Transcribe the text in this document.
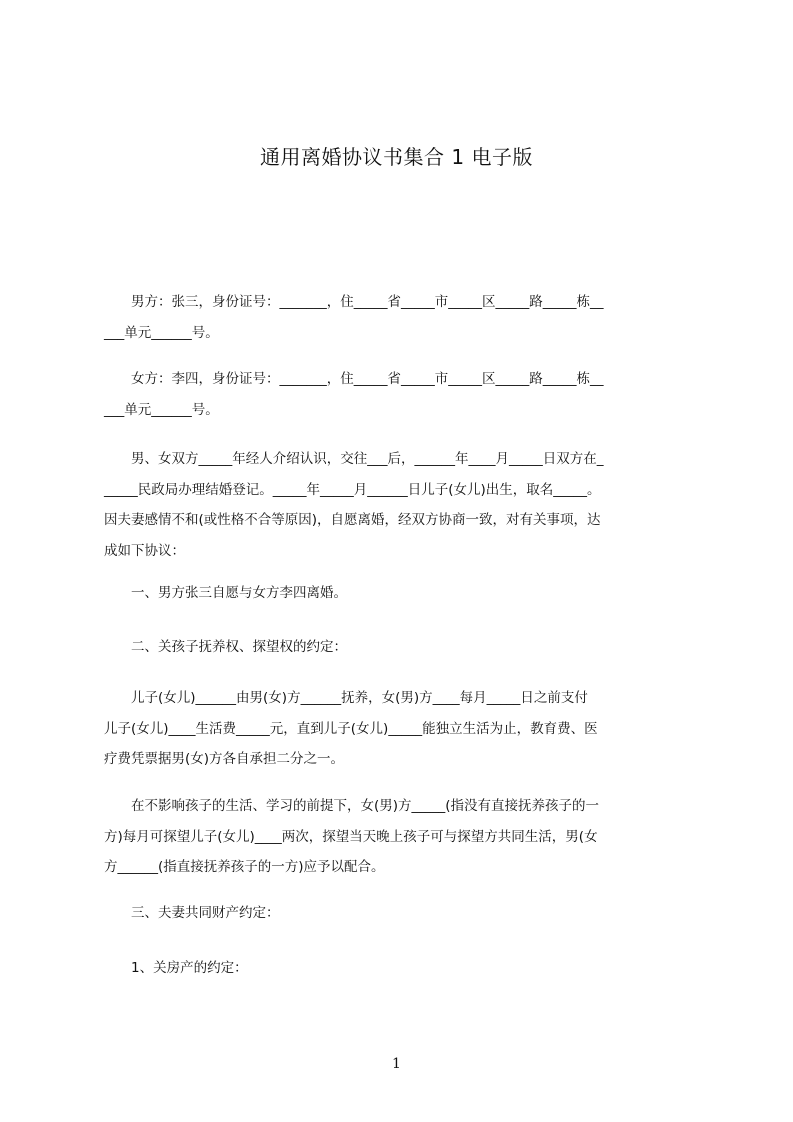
通用离婚协议书集合 1 电子版

　　男方：张三，身份证号：_______，住_____省_____市_____区_____路_____栋__
___单元______号。

　　女方：李四，身份证号：_______，住_____省_____市_____区_____路_____栋__
___单元______号。

　　男、女双方_____年经人介绍认识，交往___后，______年____月_____日双方在_
_____民政局办理结婚登记。_____年_____月______日儿子(女儿)出生，取名_____。
因夫妻感情不和(或性格不合等原因)，自愿离婚，经双方协商一致，对有关事项，达
成如下协议：

　　一、男方张三自愿与女方李四离婚。

　　二、关孩子抚养权、探望权的约定：

　　儿子(女儿)______由男(女)方______抚养，女(男)方____每月_____日之前支付
儿子(女儿)____生活费_____元，直到儿子(女儿)_____能独立生活为止，教育费、医
疗费凭票据男(女)方各自承担二分之一。

　　在不影响孩子的生活、学习的前提下，女(男)方_____(指没有直接抚养孩子的一
方)每月可探望儿子(女儿)____两次，探望当天晚上孩子可与探望方共同生活，男(女
方______(指直接抚养孩子的一方)应予以配合。

　　三、夫妻共同财产约定：

　　1、关房产的约定：

1
